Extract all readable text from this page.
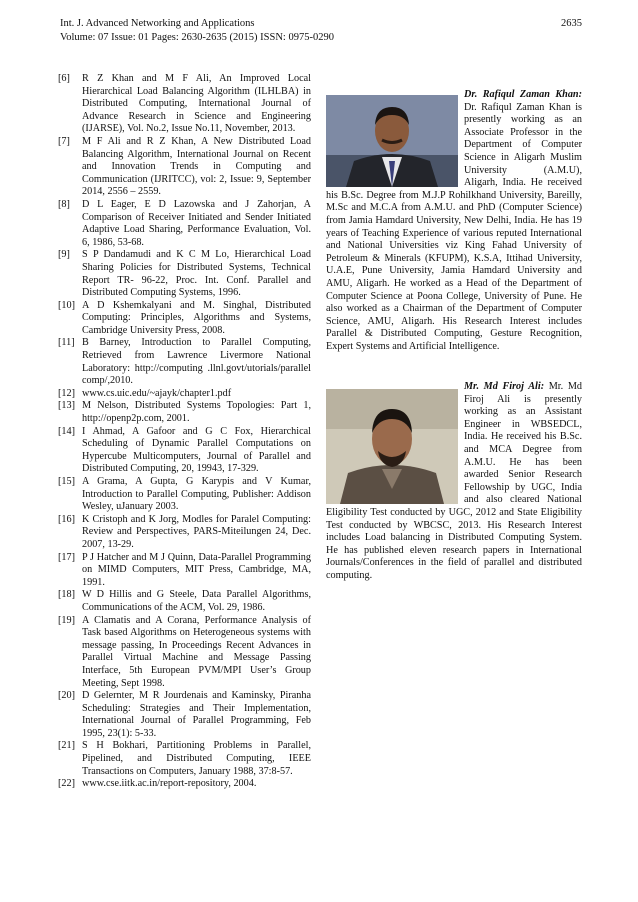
Int. J. Advanced Networking and Applications
Volume: 07 Issue: 01 Pages: 2630-2635 (2015) ISSN: 0975-0290
2635
[6]	R Z Khan and M F Ali, An Improved Local Hierarchical Load Balancing Algorithm (ILHLBA) in Distributed Computing, International Journal of Advance Research in Science and Engineering (IJARSE), Vol. No.2, Issue No.11, November, 2013.
[7]	M F Ali and R Z Khan, A New Distributed Load Balancing Algorithm, International Journal on Recent and Innovation Trends in Computing and Communication (IJRITCC), vol: 2, Issue: 9, September 2014, 2556 – 2559.
[8]	D L Eager, E D Lazowska and J Zahorjan, A Comparison of Receiver Initiated and Sender Initiated Adaptive Load Sharing, Performance Evaluation, Vol. 6, 1986, 53-68.
[9]	S P Dandamudi and K C M Lo, Hierarchical Load Sharing Policies for Distributed Systems, Technical Report TR- 96-22, Proc. Int. Conf. Parallel and Distributed Computing Systems, 1996.
[10] A D Kshemkalyani and M. Singhal, Distributed Computing: Principles, Algorithms and Systems, Cambridge University Press, 2008.
[11] B Barney, Introduction to Parallel Computing, Retrieved from Lawrence Livermore National Laboratory: http://computing .llnl.govt/utorials/parallel comp/,2010.
[12] www.cs.uic.edu/~ajayk/chapter1.pdf
[13] M Nelson, Distributed Systems Topologies: Part 1, http://openp2p.com, 2001.
[14] I Ahmad, A Gafoor and G C Fox, Hierarchical Scheduling of Dynamic Parallel Computations on Hypercube Multicomputers, Journal of Parallel and Distributed Computing, 20, 19943, 17-329.
[15] A Grama, A Gupta, G Karypis and V Kumar, Introduction to Parallel Computing, Publisher: Addison Wesley, uJanuary 2003.
[16] K Cristoph and K Jorg, Modles for Paralel Computing: Review and Perspectives, PARS-Miteilungen 24, Dec. 2007, 13-29.
[17] P J Hatcher and M J Quinn, Data-Parallel Programming on MIMD Computers, MIT Press, Cambridge, MA, 1991.
[18] W D Hillis and G Steele, Data Parallel Algorithms, Communications of the ACM, Vol. 29, 1986.
[19] A Clamatis and A Corana, Performance Analysis of Task based Algorithms on Heterogeneous systems with message passing, In Proceedings Recent Advances in Parallel Virtual Machine and Message Passing Interface, 5th European PVM/MPI User’s Group Meeting, Sept 1998.
[20] D Gelernter, M R Jourdenais and Kaminsky, Piranha Scheduling: Strategies and Their Implementation, International Journal of Parallel Programming, Feb 1995, 23(1): 5-33.
[21] S H Bokhari, Partitioning Problems in Parallel, Pipelined, and Distributed Computing, IEEE Transactions on Computers, January 1988, 37:8-57.
[22] www.cse.iitk.ac.in/report-repository, 2004.
Dr. Rafiqul Zaman Khan: Dr. Rafiqul Zaman Khan is presently working as an Associate Professor in the Department of Computer Science in Aligarh Muslim University (A.M.U), Aligarh, India. He received his B.Sc. Degree from M.J.P Rohilkhand University, Bareilly, M.Sc and M.C.A from A.M.U. and PhD (Computer Science) from Jamia Hamdard University, New Delhi, India. He has 19 years of Teaching Experience of various reputed International and National Universities viz King Fahad University of Petroleum & Minerals (KFUPM), K.S.A, Ittihad University, U.A.E, Pune University, Jamia Hamdard University and AMU, Aligarh. He worked as a Head of the Department of Computer Science at Poona College, University of Pune. He also worked as a Chairman of the Department of Computer Science, AMU, Aligarh. His Research Interest includes Parallel & Distributed Computing, Gesture Recognition, Expert Systems and Artificial Intelligence.
Mr. Md Firoj Ali: Mr. Md Firoj Ali is presently working as an Assistant Engineer in WBSEDCL, India. He received his B.Sc. and MCA Degree from A.M.U. He has been awarded Senior Research Fellowship by UGC, India and also cleared National Eligibility Test conducted by UGC, 2012 and State Eligibility Test conducted by WBCSC, 2013. His Research Interest includes Load balancing in Distributed Computing System. He has published eleven research papers in International Journals/Conferences in the field of parallel and distributed computing.
